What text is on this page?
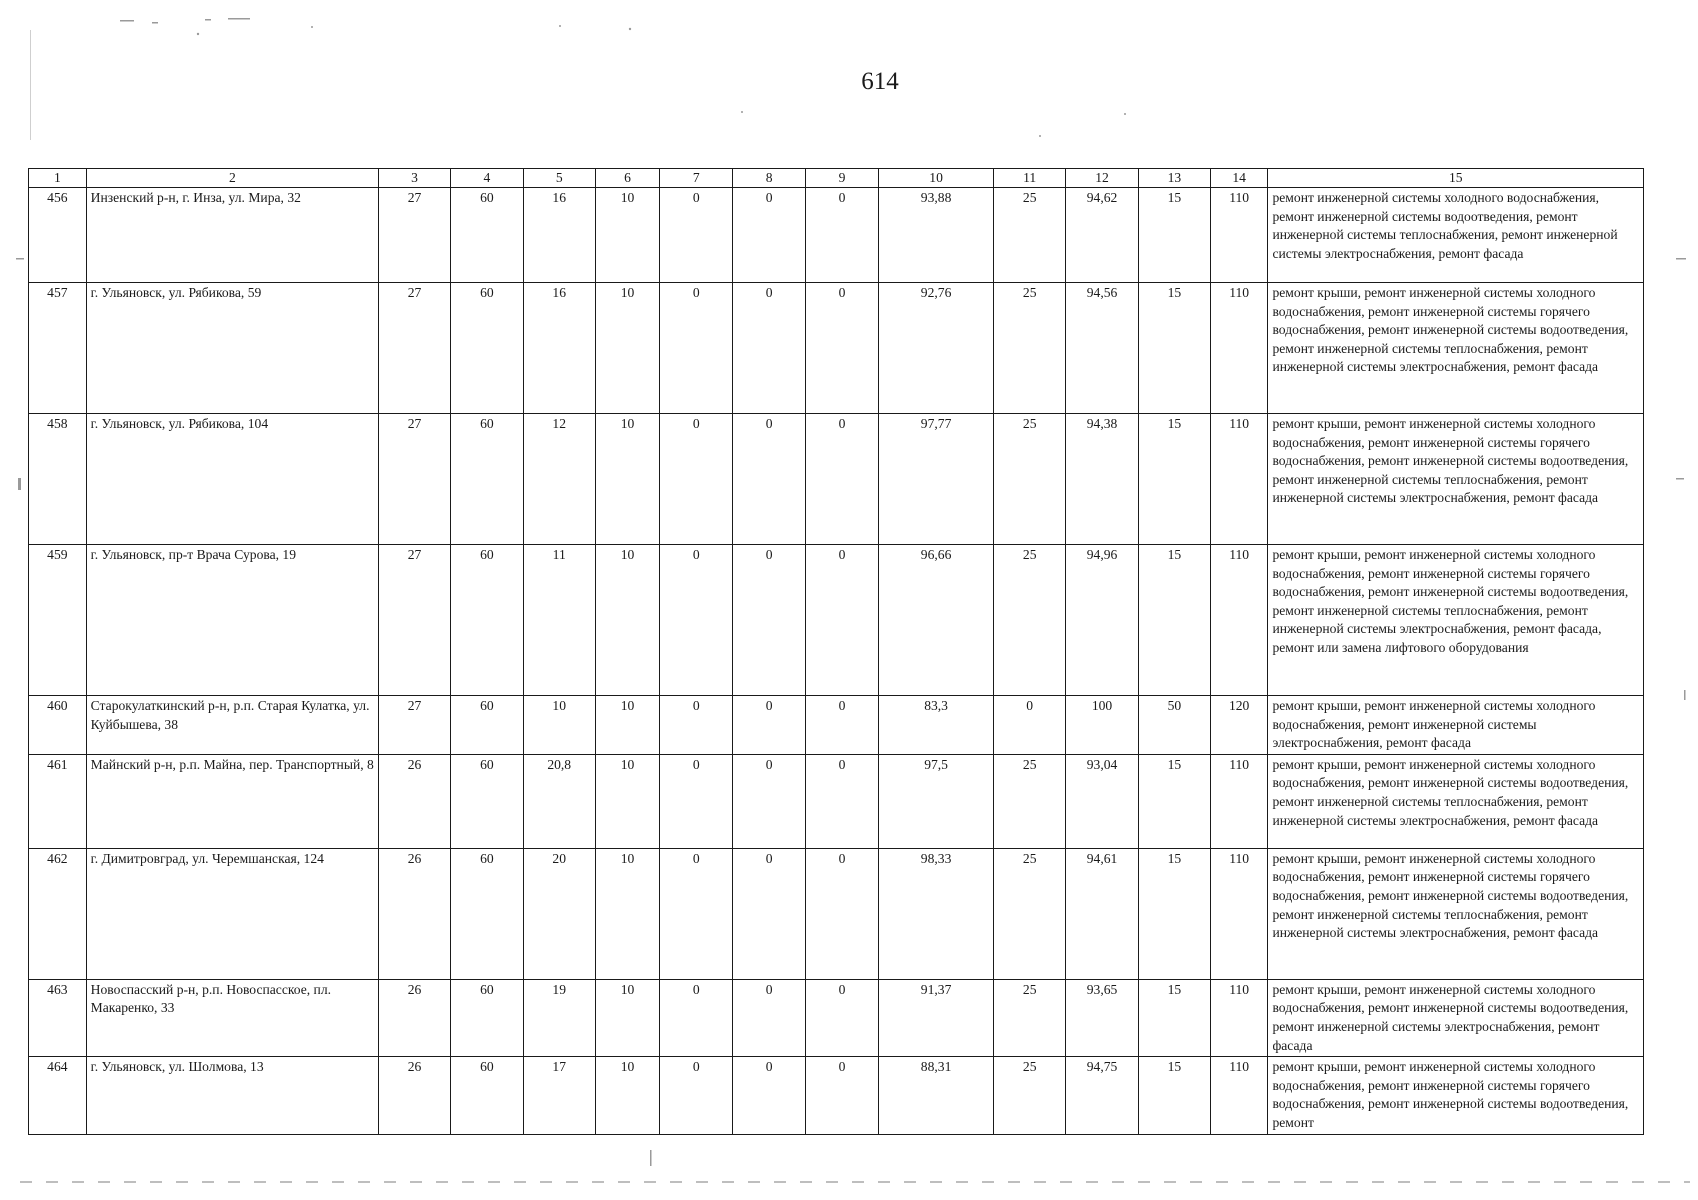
614
1	2	3	4	5	6	7	8	9	10	11	12	13	14	15
456	Инзенский р-н, г. Инза, ул. Мира, 32	27	60	16	10	0	0	0	93,88	25	94,62	15	110	ремонт инженерной системы холодного водоснабжения, ремонт инженерной системы водоотведения, ремонт инженерной системы теплоснабжения, ремонт инженерной системы электроснабжения, ремонт фасада
457	г. Ульяновск, ул. Рябикова, 59	27	60	16	10	0	0	0	92,76	25	94,56	15	110	ремонт крыши, ремонт инженерной системы холодного водоснабжения, ремонт инженерной системы горячего водоснабжения, ремонт инженерной системы водоотведения, ремонт инженерной системы теплоснабжения, ремонт инженерной системы электроснабжения, ремонт фасада
458	г. Ульяновск, ул. Рябикова, 104	27	60	12	10	0	0	0	97,77	25	94,38	15	110	ремонт крыши, ремонт инженерной системы холодного водоснабжения, ремонт инженерной системы горячего водоснабжения, ремонт инженерной системы водоотведения, ремонт инженерной системы теплоснабжения, ремонт инженерной системы электроснабжения, ремонт фасада
459	г. Ульяновск, пр-т Врача Сурова, 19	27	60	11	10	0	0	0	96,66	25	94,96	15	110	ремонт крыши, ремонт инженерной системы холодного водоснабжения, ремонт инженерной системы горячего водоснабжения, ремонт инженерной системы водоотведения, ремонт инженерной системы теплоснабжения, ремонт инженерной системы электроснабжения, ремонт фасада, ремонт или замена лифтового оборудования
460	Старокулаткинский р-н, р.п. Старая Кулатка, ул. Куйбышева, 38	27	60	10	10	0	0	0	83,3	0	100	50	120	ремонт крыши, ремонт инженерной системы холодного водоснабжения, ремонт инженерной системы электроснабжения, ремонт фасада
461	Майнский р-н, р.п. Майна, пер. Транспортный, 8	26	60	20,8	10	0	0	0	97,5	25	93,04	15	110	ремонт крыши, ремонт инженерной системы холодного водоснабжения, ремонт инженерной системы водоотведения, ремонт инженерной системы теплоснабжения, ремонт инженерной системы электроснабжения, ремонт фасада
462	г. Димитровград, ул. Черемшанская, 124	26	60	20	10	0	0	0	98,33	25	94,61	15	110	ремонт крыши, ремонт инженерной системы холодного водоснабжения, ремонт инженерной системы горячего водоснабжения, ремонт инженерной системы водоотведения, ремонт инженерной системы теплоснабжения, ремонт инженерной системы электроснабжения, ремонт фасада
463	Новоспасский р-н, р.п. Новоспасское, пл. Макаренко, 33	26	60	19	10	0	0	0	91,37	25	93,65	15	110	ремонт крыши, ремонт инженерной системы холодного водоснабжения, ремонт инженерной системы водоотведения, ремонт инженерной системы электроснабжения, ремонт фасада
464	г. Ульяновск, ул. Шолмова, 13	26	60	17	10	0	0	0	88,31	25	94,75	15	110	ремонт крыши, ремонт инженерной системы холодного водоснабжения, ремонт инженерной системы горячего водоснабжения, ремонт инженерной системы водоотведения, ремонт
